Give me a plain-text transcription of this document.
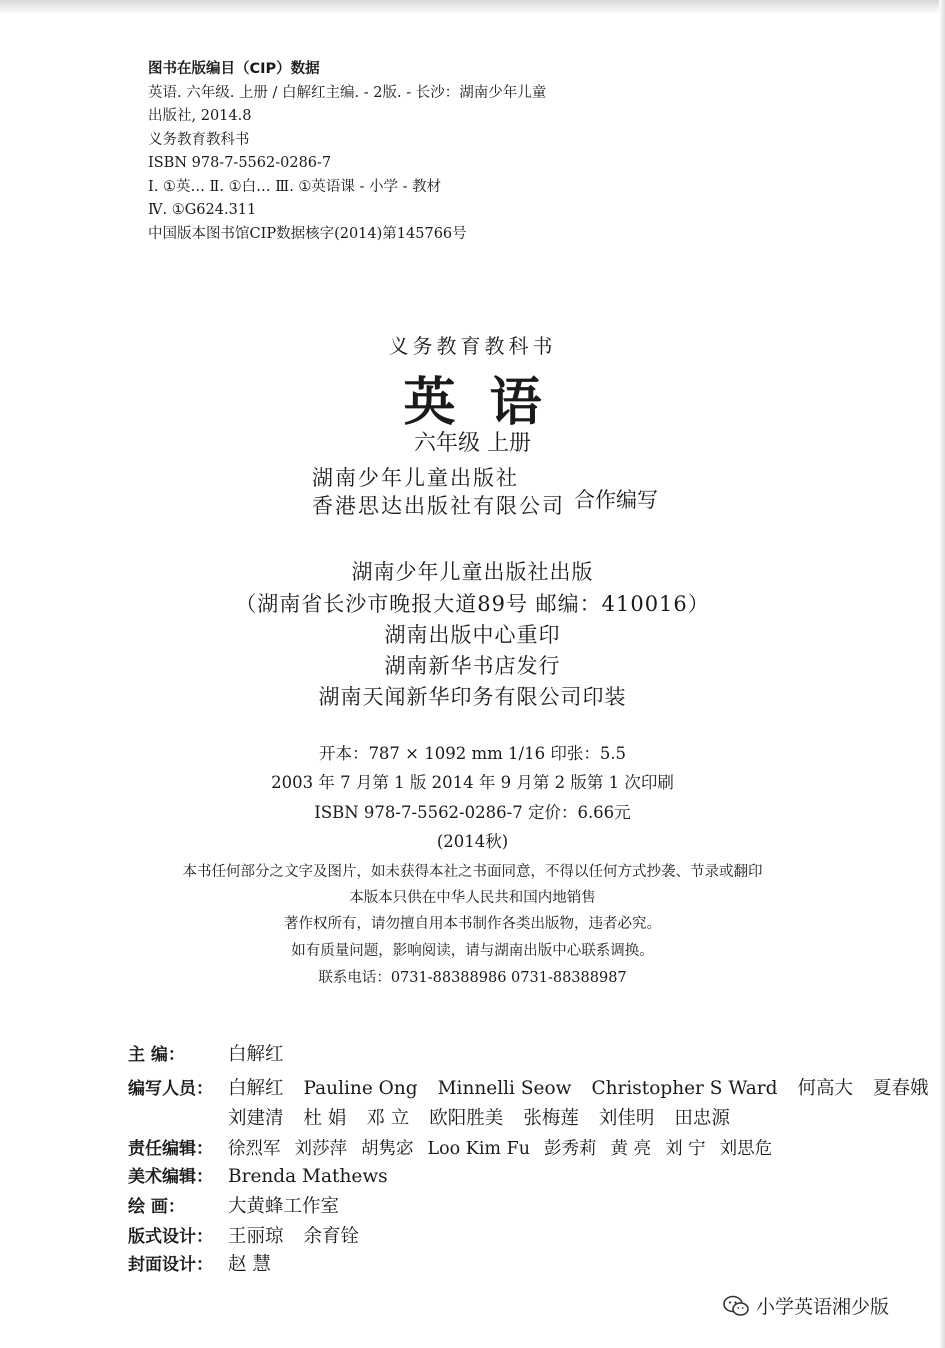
图书在版编目（CIP）数据
英语. 六年级. 上册 / 白解红主编. - 2版. - 长沙：湖南少年儿童
出版社, 2014.8
义务教育教科书
ISBN 978-7-5562-0286-7
Ⅰ. ①英… Ⅱ. ①白… Ⅲ. ①英语课 - 小学 - 教材
Ⅳ. ①G624.311
中国版本图书馆CIP数据核字(2014)第145766号
义务教育教科书
英语
六年级 上册
湖南少年儿童出版社
香港思达出版社有限公司 合作编写
湖南少年儿童出版社出版
（湖南省长沙市晚报大道89号 邮编：410016）
湖南出版中心重印
湖南新华书店发行
湖南天闻新华印务有限公司印装
开本：787 × 1092 mm 1/16 印张：5.5
2003 年 7 月第 1 版 2014 年 9 月第 2 版第 1 次印刷
ISBN 978-7-5562-0286-7 定价：6.66元
(2014秋)
本书任何部分之文字及图片，如未获得本社之书面同意，不得以任何方式抄袭、节录或翻印
本版本只供在中华人民共和国内地销售
著作权所有，请勿擅自用本书制作各类出版物，违者必究。
如有质量问题，影响阅读，请与湖南出版中心联系调换。
联系电话：0731-88388986 0731-88388987
主 编： 白解红
编写人员： 白解红 Pauline Ong Minnelli Seow Christopher S Ward 何高大 夏春娥
刘建清 杜 娟 邓 立 欧阳胜美 张梅莲 刘佳明 田忠源
责任编辑： 徐烈军 刘莎萍 胡隽宓 Loo Kim Fu 彭秀莉 黄 亮 刘 宁 刘思危
美术编辑： Brenda Mathews
绘 画： 大黄蜂工作室
版式设计： 王丽琼 余育铨
封面设计： 赵 慧
小学英语湘少版
